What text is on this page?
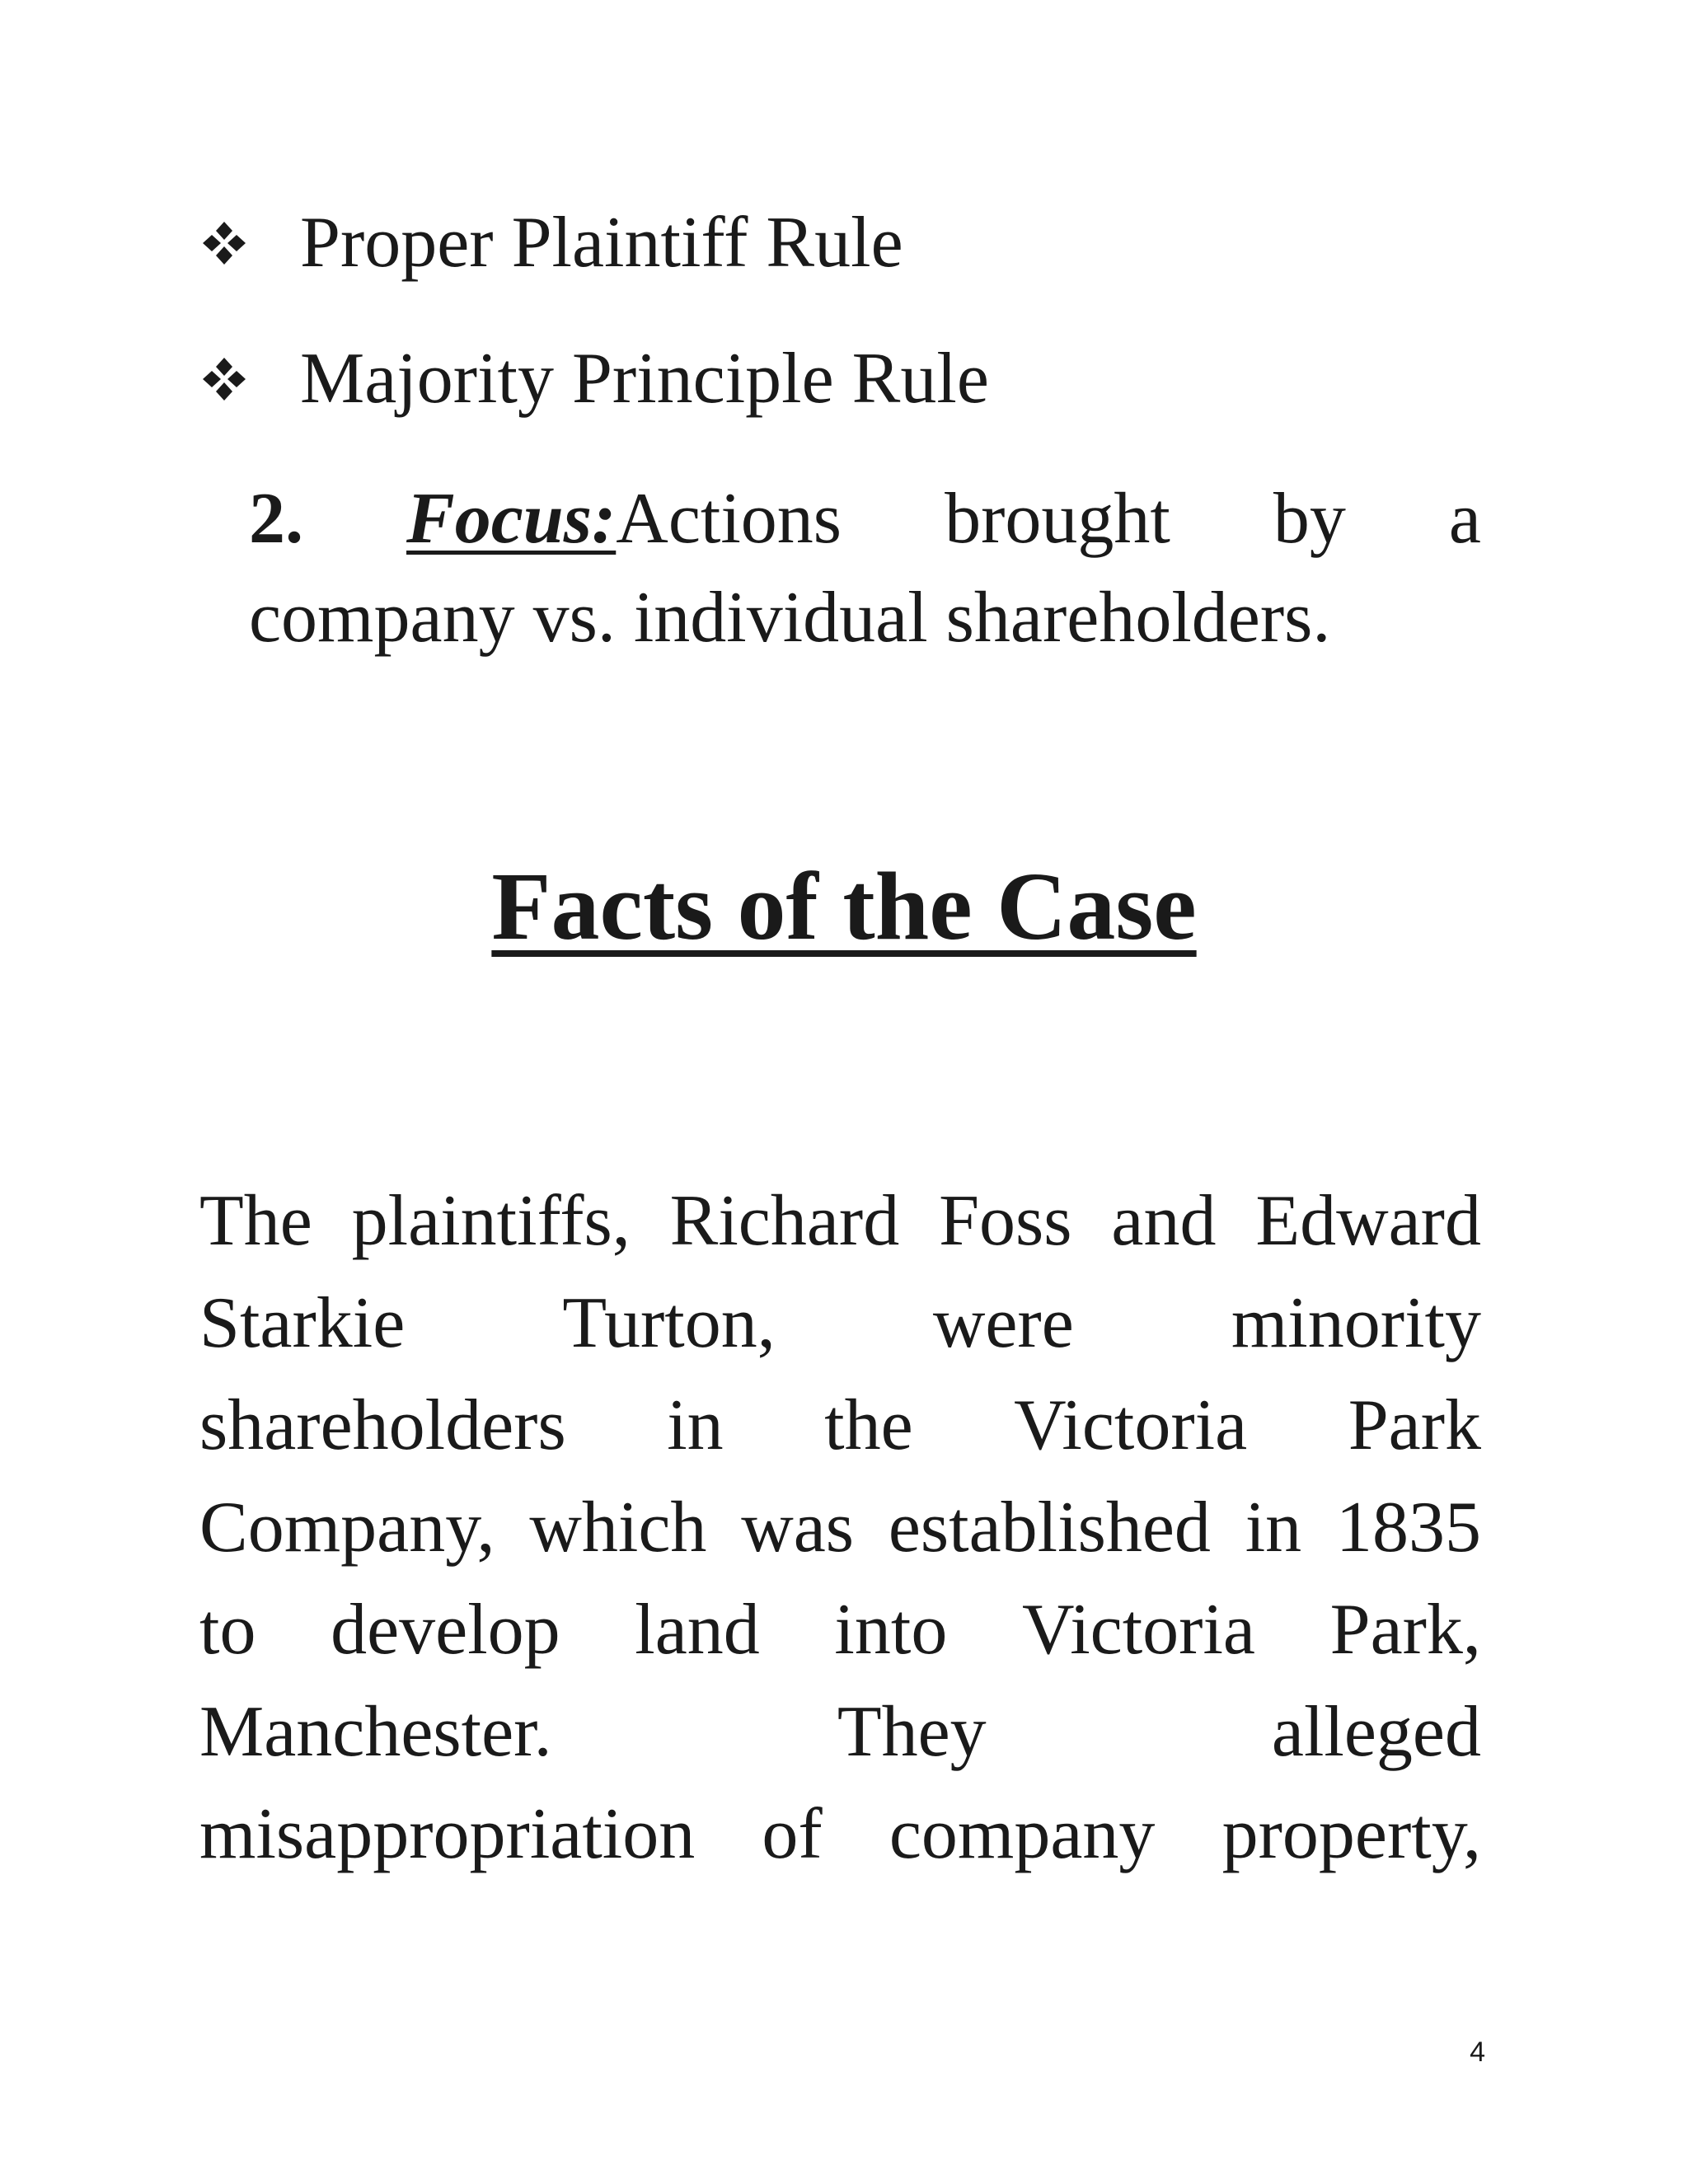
Proper Plaintiff Rule
Majority Principle Rule
2. Focus:Actions brought by a
company vs. individual shareholders.
Facts of the Case
The plaintiffs, Richard Foss and Edward
Starkie Turton, were minority
shareholders in the Victoria Park
Company, which was established in 1835
to develop land into Victoria Park,
Manchester.	They	alleged
misappropriation of company property,
4
